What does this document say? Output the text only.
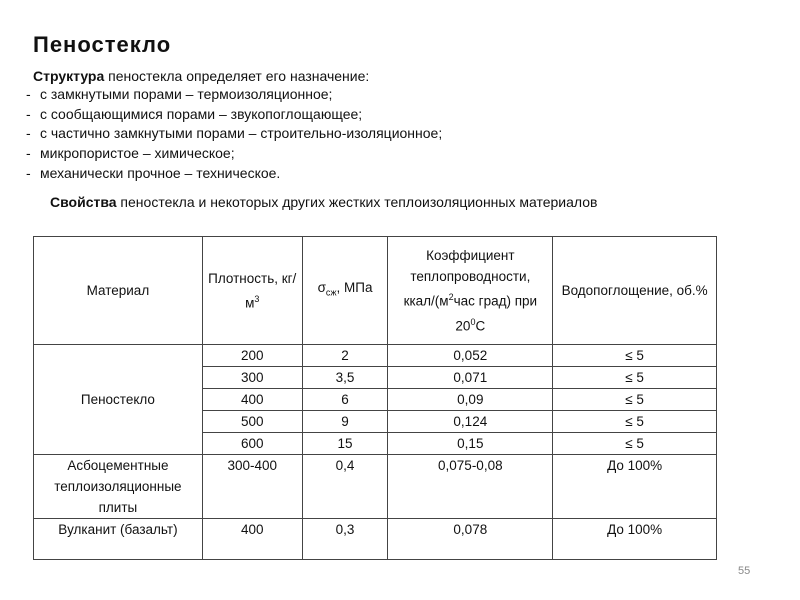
Пеностекло
Структура пеностекла определяет его назначение:
- с замкнутыми порами – термоизоляционное;
- с сообщающимися порами – звукопоглощающее;
- с частично замкнутыми порами – строительно-изоляционное;
- микропористое – химическое;
- механически прочное – техническое.
Свойства пеностекла и некоторых других жестких теплоизоляционных материалов
Материал	Плотность, $кг/м^3$	$\sigma_{сж}$, МПа	Коэффициент теплопроводности, ккал/($м^2час$ град) при $20^0С$	Водопоглощение, об.%
Пеностекло	200	2	0,052	≤ 5
	300	3,5	0,071	≤ 5
	400	6	0,09	≤ 5
	500	9	0,124	≤ 5
	600	15	0,15	≤ 5
Асбоцементные теплоизоляционные плиты	300-400	0,4	0,075-0,08	До 100%
Вулканит (базальт)	400	0,3	0,078	До 100%
55
